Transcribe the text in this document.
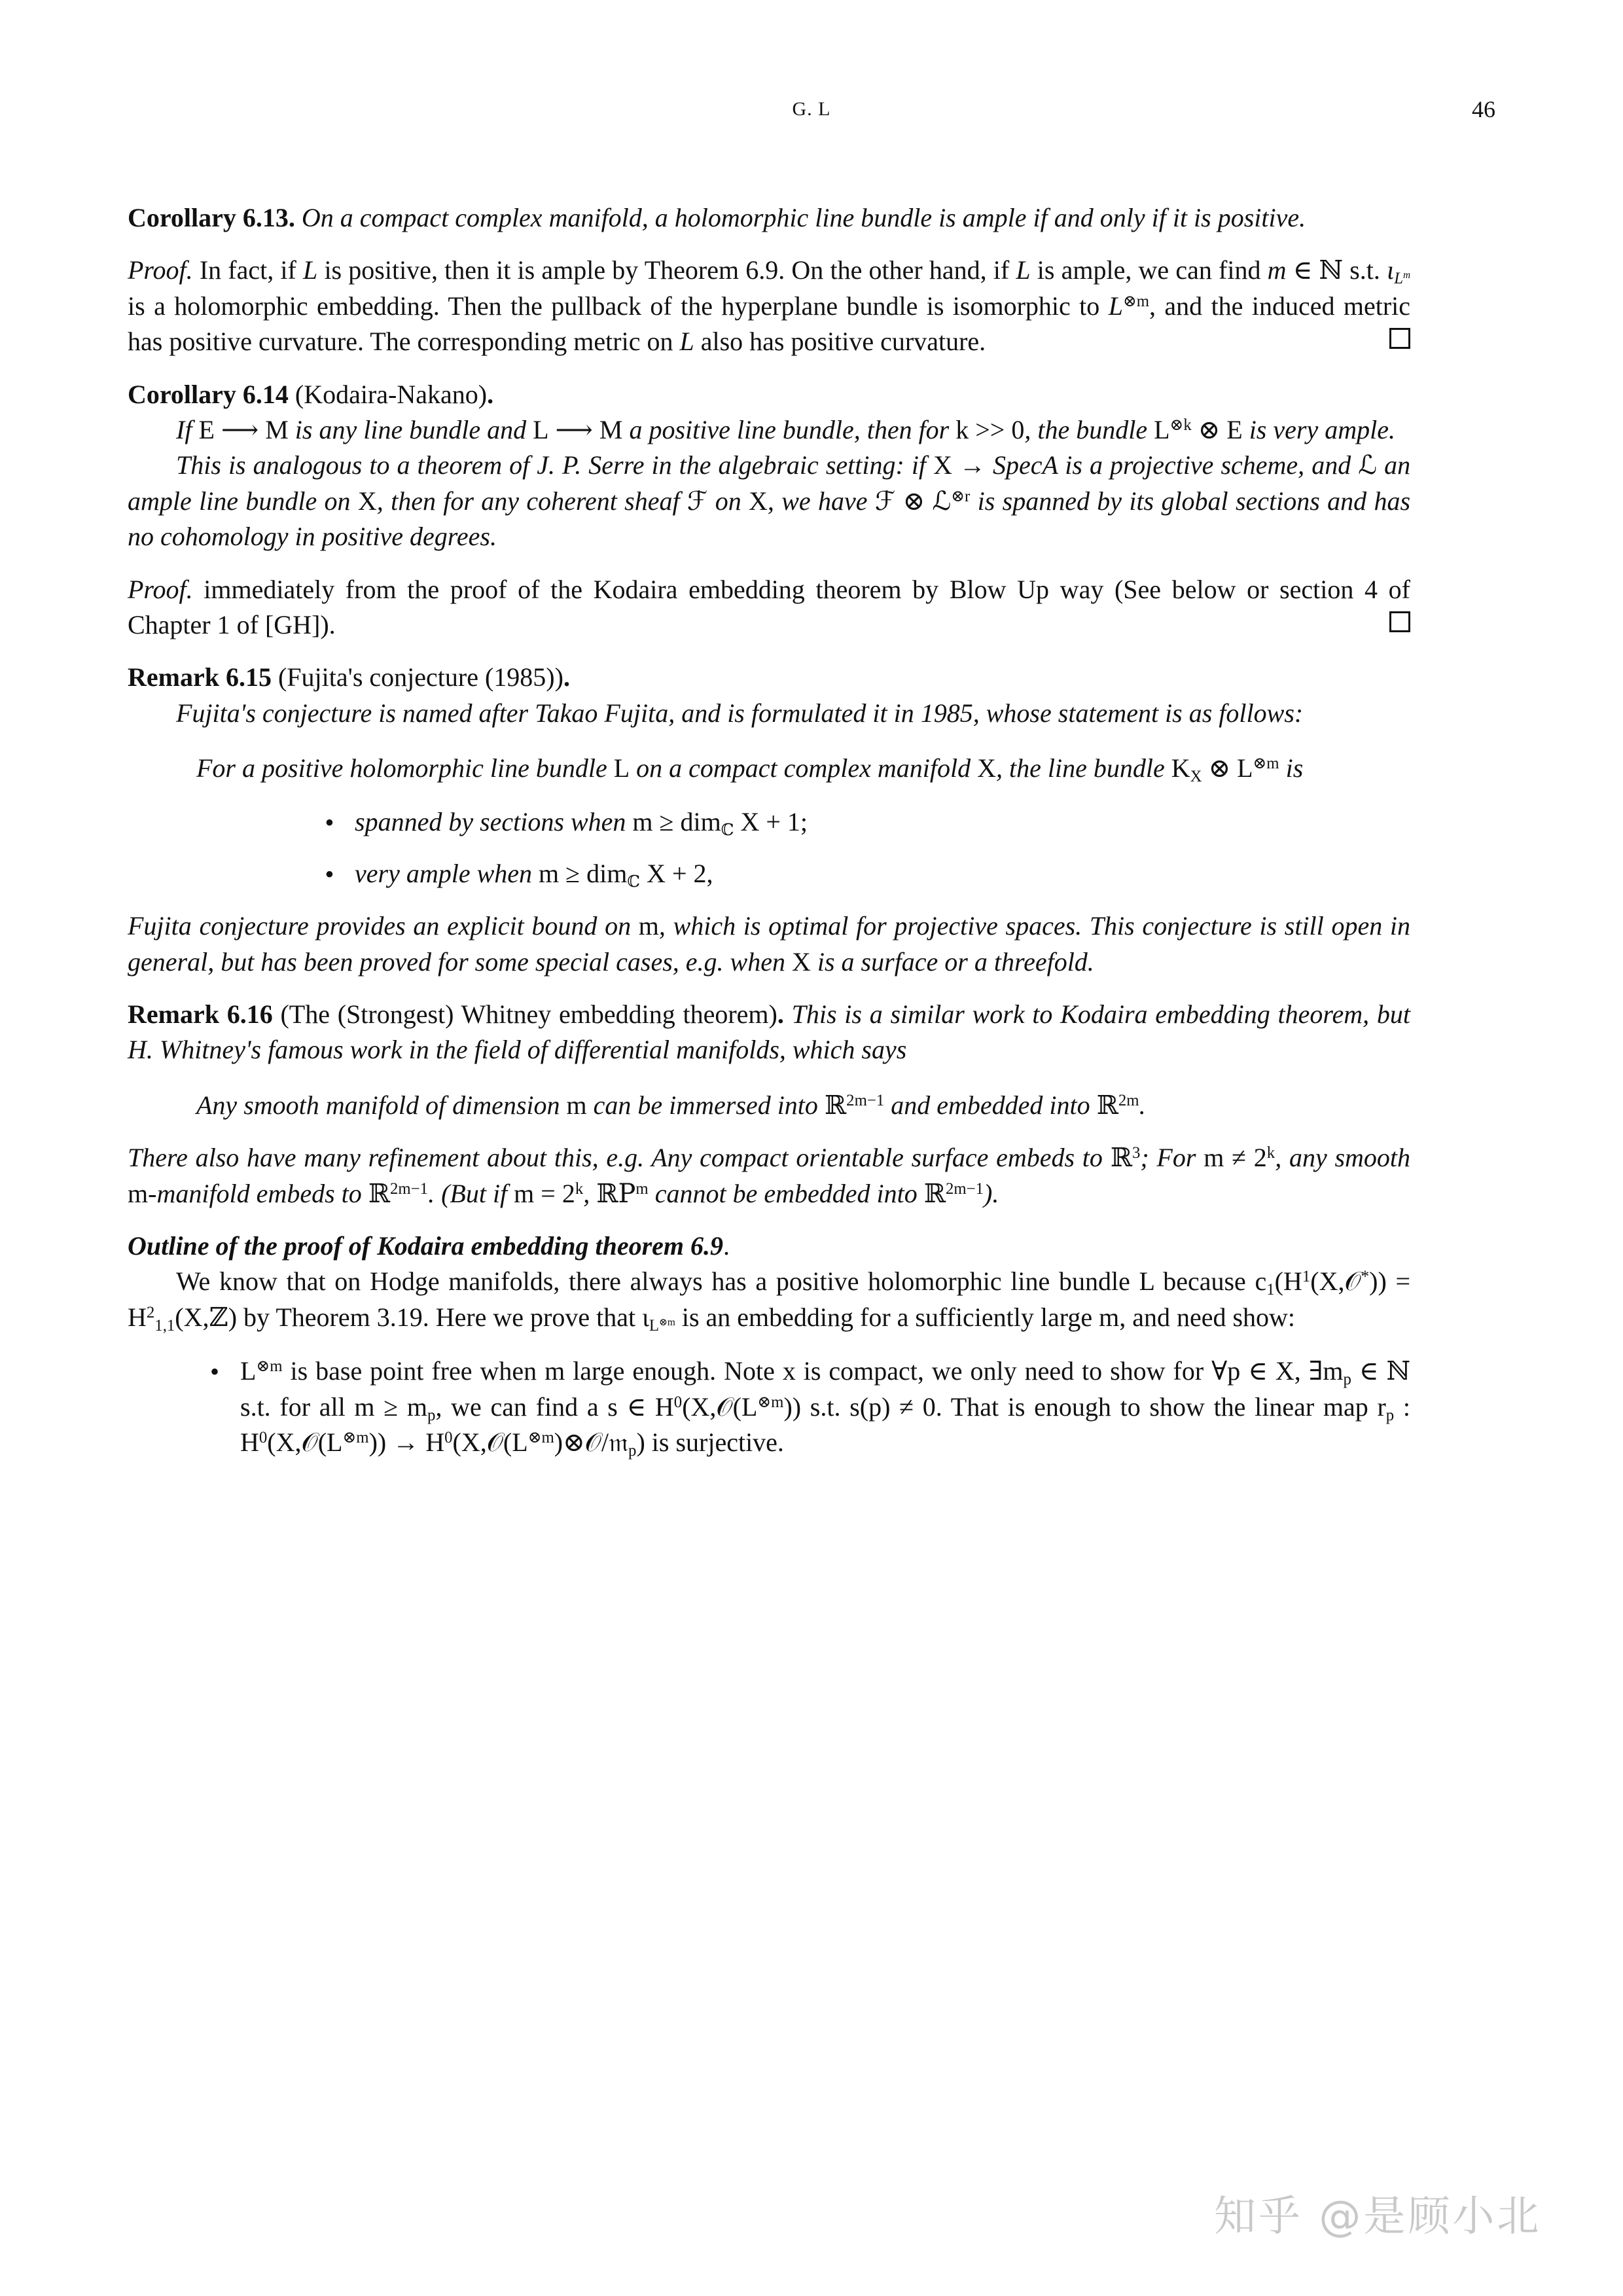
G. L	46

Corollary 6.13. On a compact complex manifold, a holomorphic line bundle is ample if and only if it is positive.

Proof. In fact, if L is positive, then it is ample by Theorem 6.9. On the other hand, if L is ample, we can find m ∈ ℕ s.t. $\iota_{L^m}$ is a holomorphic embedding. Then the pullback of the hyperplane bundle is isomorphic to $L^{\otimes m}$, and the induced metric has positive curvature. The corresponding metric on L also has positive curvature.

Corollary 6.14 (Kodaira-Nakano).

If E ⟶ M is any line bundle and L ⟶ M a positive line bundle, then for k >> 0, the bundle $L^{\otimes k}$ ⊗ E is very ample.

This is analogous to a theorem of J. P. Serre in the algebraic setting: if X → SpecA is a projective scheme, and ℒ an ample line bundle on X, then for any coherent sheaf ℱ on X, we have ℱ ⊗ ℒ$^{\otimes r}$ is spanned by its global sections and has no cohomology in positive degrees.

Proof. immediately from the proof of the Kodaira embedding theorem by Blow Up way (See below or section 4 of Chapter 1 of [GH]).

Remark 6.15 (Fujita's conjecture (1985)).

Fujita's conjecture is named after Takao Fujita, and is formulated it in 1985, whose statement is as follows:

For a positive holomorphic line bundle L on a compact complex manifold X, the line bundle $K_X$ ⊗ $L^{\otimes m}$ is

• spanned by sections when m ≥ dim$_ℂ$ X + 1;
• very ample when m ≥ dim$_ℂ$ X + 2,

Fujita conjecture provides an explicit bound on m, which is optimal for projective spaces. This conjecture is still open in general, but has been proved for some special cases, e.g. when X is a surface or a threefold.

Remark 6.16 (The (Strongest) Whitney embedding theorem). This is a similar work to Kodaira embedding theorem, but H. Whitney's famous work in the field of differential manifolds, which says

Any smooth manifold of dimension m can be immersed into ℝ$^{2m-1}$ and embedded into ℝ$^{2m}$.

There also have many refinement about this, e.g. Any compact orientable surface embeds to ℝ$^3$; For $m \ne 2^k$, any smooth m-manifold embeds to ℝ$^{2m-1}$. (But if $m = 2^k$, ℝP$^m$ cannot be embedded into ℝ$^{2m-1}$).

Outline of the proof of Kodaira embedding theorem 6.9.

We know that on Hodge manifolds, there always has a positive holomorphic line bundle L because $c_1(H^1(X,𝒪^*))$ = $H^2_{1,1}(X,ℤ)$ by Theorem 3.19. Here we prove that $\iota_{L^{\otimes m}}$ is an embedding for a sufficiently large m, and need show:

• $L^{\otimes m}$ is base point free when m large enough. Note x is compact, we only need to show for ∀p ∈ X, $\exists m_p$ ∈ ℕ s.t. for all $m \ge m_p$, we can find a s ∈ $H^0(X,𝒪(L^{\otimes m}))$ s.t. s(p) ≠ 0. That is enough to show the linear map $r_p$ : $H^0(X,𝒪(L^{\otimes m}))$ → $H^0(X,𝒪(L^{\otimes m})\otimes 𝒪/𝔪_p)$ is surjective.
知乎 @是顾小北
